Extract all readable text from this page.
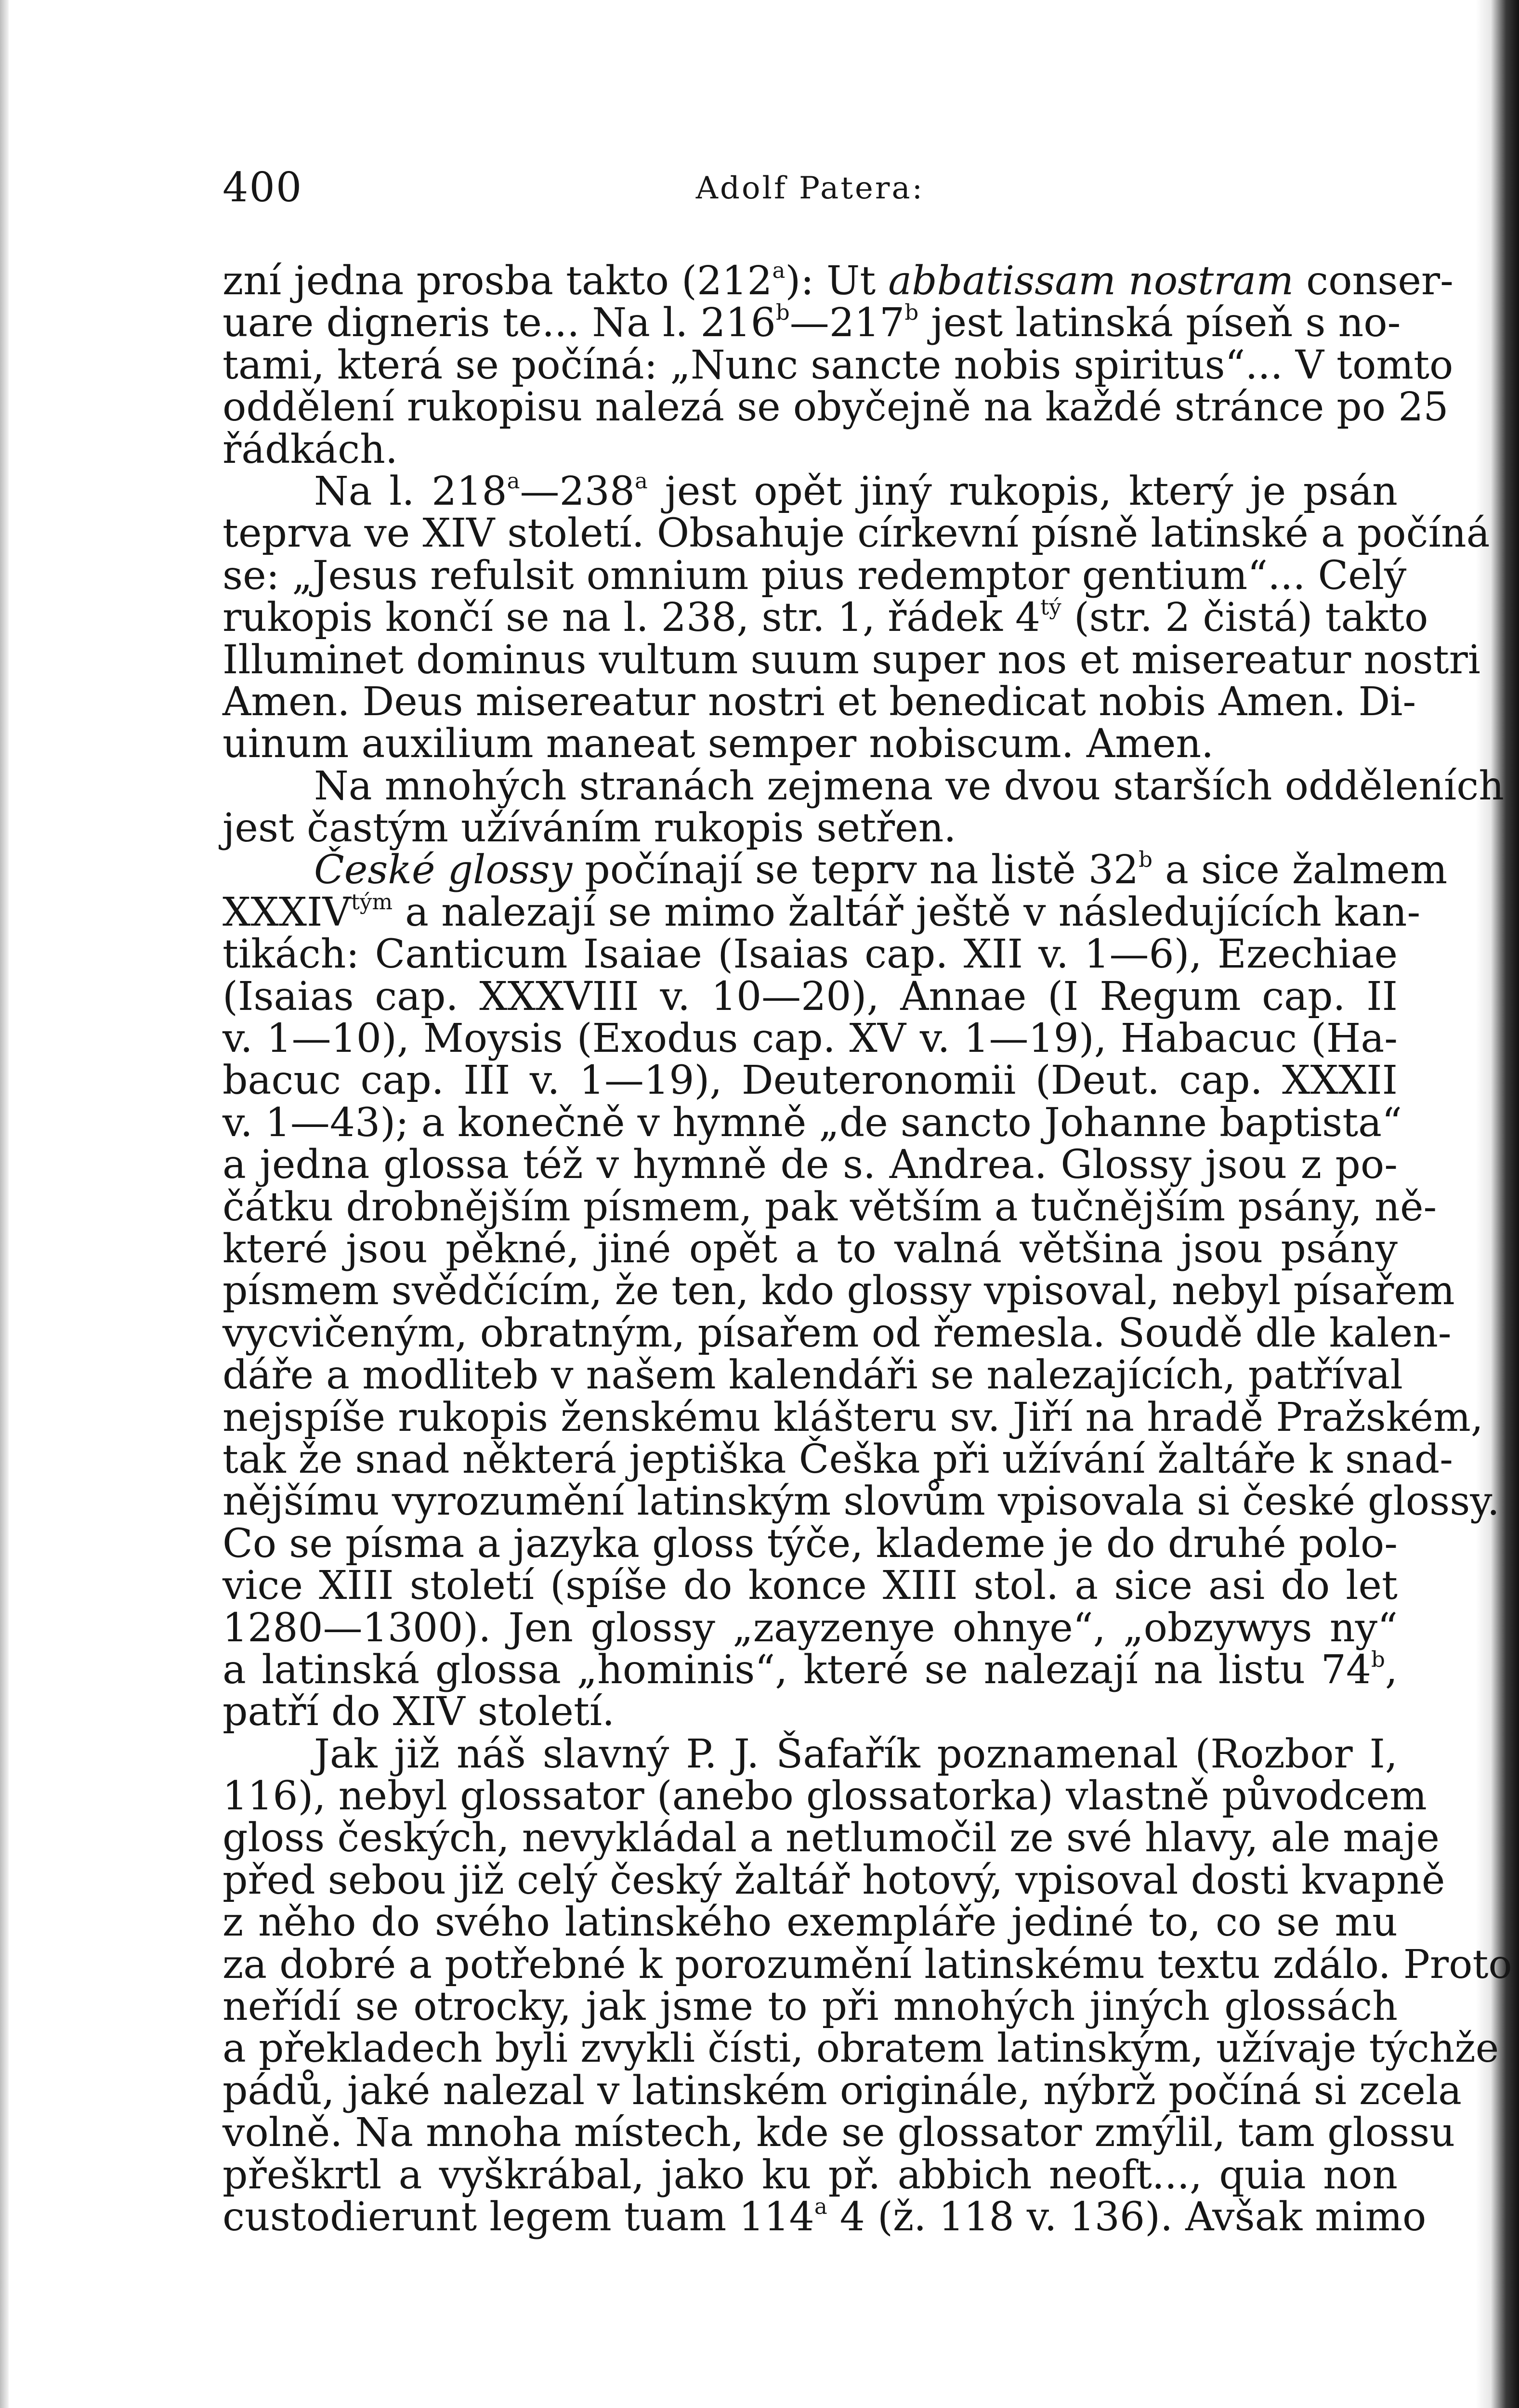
400	Adolf Patera:
zní jedna prosba takto (212$^a$): Ut abbatissam nostram conser-
uare digneris te... Na l. 216$^b$—217$^b$ jest latinská píseň s no-
tami, která se počíná: „Nunc sancte nobis spiritus“... V tomto
oddělení rukopisu nalezá se obyčejně na každé stránce po 25
řádkách.
Na l. 218$^a$—238$^a$ jest opět jiný rukopis, který je psán
teprva ve XIV století. Obsahuje církevní písně latinské a počíná
se: „Jesus refulsit omnium pius redemptor gentium“... Celý
rukopis končí se na l. 238, str. 1, řádek $4^{tý}$ (str. 2 čistá) takto
Illuminet dominus vultum suum super nos et misereatur nostri
Amen. Deus misereatur nostri et benedicat nobis Amen. Di-
uinum auxilium maneat semper nobiscum. Amen.
Na mnohých stranách zejmena ve dvou starších odděleních
jest častým užíváním rukopis setřen.
České glossy počínají se teprv na listě 32$^b$ a sice žalmem
$XXXIV^{tým}$ a nalezají se mimo žaltář ještě v následujících kan-
tikách: Canticum Isaiae (Isaias cap. XII v. 1—6), Ezechiae
(Isaias cap. XXXVIII v. 10—20), Annae (I Regum cap. II
v. 1—10), Moysis (Exodus cap. XV v. 1—19), Habacuc (Ha-
bacuc cap. III v. 1—19), Deuteronomii (Deut. cap. XXXII
v. 1—43); a konečně v hymně „de sancto Johanne baptista“
a jedna glossa též v hymně de s. Andrea. Glossy jsou z po-
čátku drobnějším písmem, pak větším a tučnějším psány, ně-
které jsou pěkné, jiné opět a to valná většina jsou psány
písmem svědčícím, že ten, kdo glossy vpisoval, nebyl písařem
vycvičeným, obratným, písařem od řemesla. Soudě dle kalen-
dáře a modliteb v našem kalendáři se nalezajících, patříval
nejspíše rukopis ženskému klášteru sv. Jiří na hradě Pražském,
tak že snad některá jeptiška Češka při užívání žaltáře k snad-
nějšímu vyrozumění latinským slovům vpisovala si české glossy.
Co se písma a jazyka gloss týče, klademe je do druhé polo-
vice XIII století (spíše do konce XIII stol. a sice asi do let
1280—1300). Jen glossy „zayzenye ohnye“, „obzywys ny“
a latinská glossa „hominis“, které se nalezají na listu 74$^b$,
patří do XIV století.
Jak již náš slavný P. J. Šafařík poznamenal (Rozbor I,
116), nebyl glossator (anebo glossatorka) vlastně původcem
gloss českých, nevykládal a netlumočil ze své hlavy, ale maje
před sebou již celý český žaltář hotový, vpisoval dosti kvapně
z něho do svého latinského exempláře jediné to, co se mu
za dobré a potřebné k porozumění latinskému textu zdálo. Proto
neřídí se otrocky, jak jsme to při mnohých jiných glossách
a překladech byli zvykli čísti, obratem latinským, užívaje týchže
pádů, jaké nalezal v latinském originále, nýbrž počíná si zcela
volně. Na mnoha místech, kde se glossator zmýlil, tam glossu
přeškrtl a vyškrábal, jako ku př. abbich neoft..., quia non
custodierunt legem tuam 114$^a$ 4 (ž. 118 v. 136). Avšak mimo
